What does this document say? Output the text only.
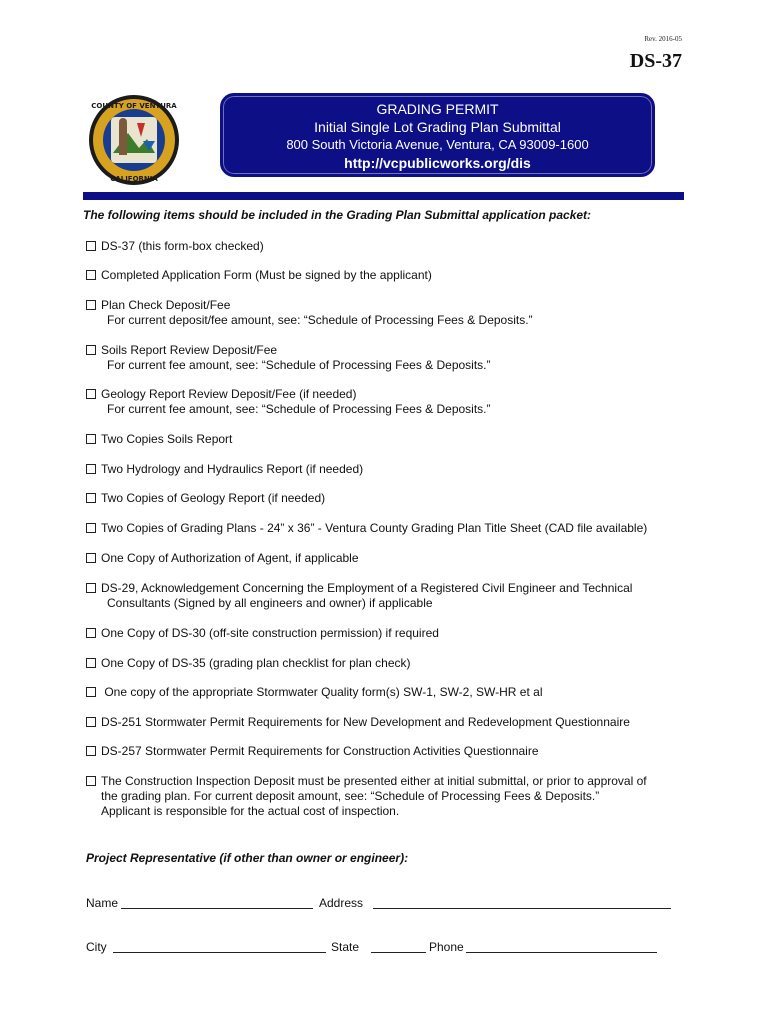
Rev. 2016-05
DS-37
COUNTY OF VENTURA
CALIFORNIA
GRADING PERMIT
Initial Single Lot Grading Plan Submittal
800 South Victoria Avenue, Ventura, CA 93009-1600
http://vcpublicworks.org/dis
The following items should be included in the Grading Plan Submittal application packet:
DS-37 (this form-box checked)
Completed Application Form (Must be signed by the applicant)
Plan Check Deposit/Fee
For current deposit/fee amount, see: “Schedule of Processing Fees & Deposits.”
Soils Report Review Deposit/Fee
For current fee amount, see: “Schedule of Processing Fees & Deposits.”
Geology Report Review Deposit/Fee (if needed)
For current fee amount, see: “Schedule of Processing Fees & Deposits.”
Two Copies Soils Report
Two Hydrology and Hydraulics Report (if needed)
Two Copies of Geology Report (if needed)
Two Copies of Grading Plans - 24” x 36” - Ventura County Grading Plan Title Sheet (CAD file available)
One Copy of Authorization of Agent, if applicable
DS-29, Acknowledgement Concerning the Employment of a Registered Civil Engineer and Technical
Consultants (Signed by all engineers and owner) if applicable
One Copy of DS-30 (off-site construction permission) if required
One Copy of DS-35 (grading plan checklist for plan check)
One copy of the appropriate Stormwater Quality form(s) SW-1, SW-2, SW-HR et al
DS-251 Stormwater Permit Requirements for New Development and Redevelopment Questionnaire
DS-257 Stormwater Permit Requirements for Construction Activities Questionnaire
The Construction Inspection Deposit must be presented either at initial submittal, or prior to approval of
the grading plan. For current deposit amount, see: “Schedule of Processing Fees & Deposits.”
Applicant is responsible for the actual cost of inspection.
Project Representative (if other than owner or engineer):
Name	Address
City	State	Phone
